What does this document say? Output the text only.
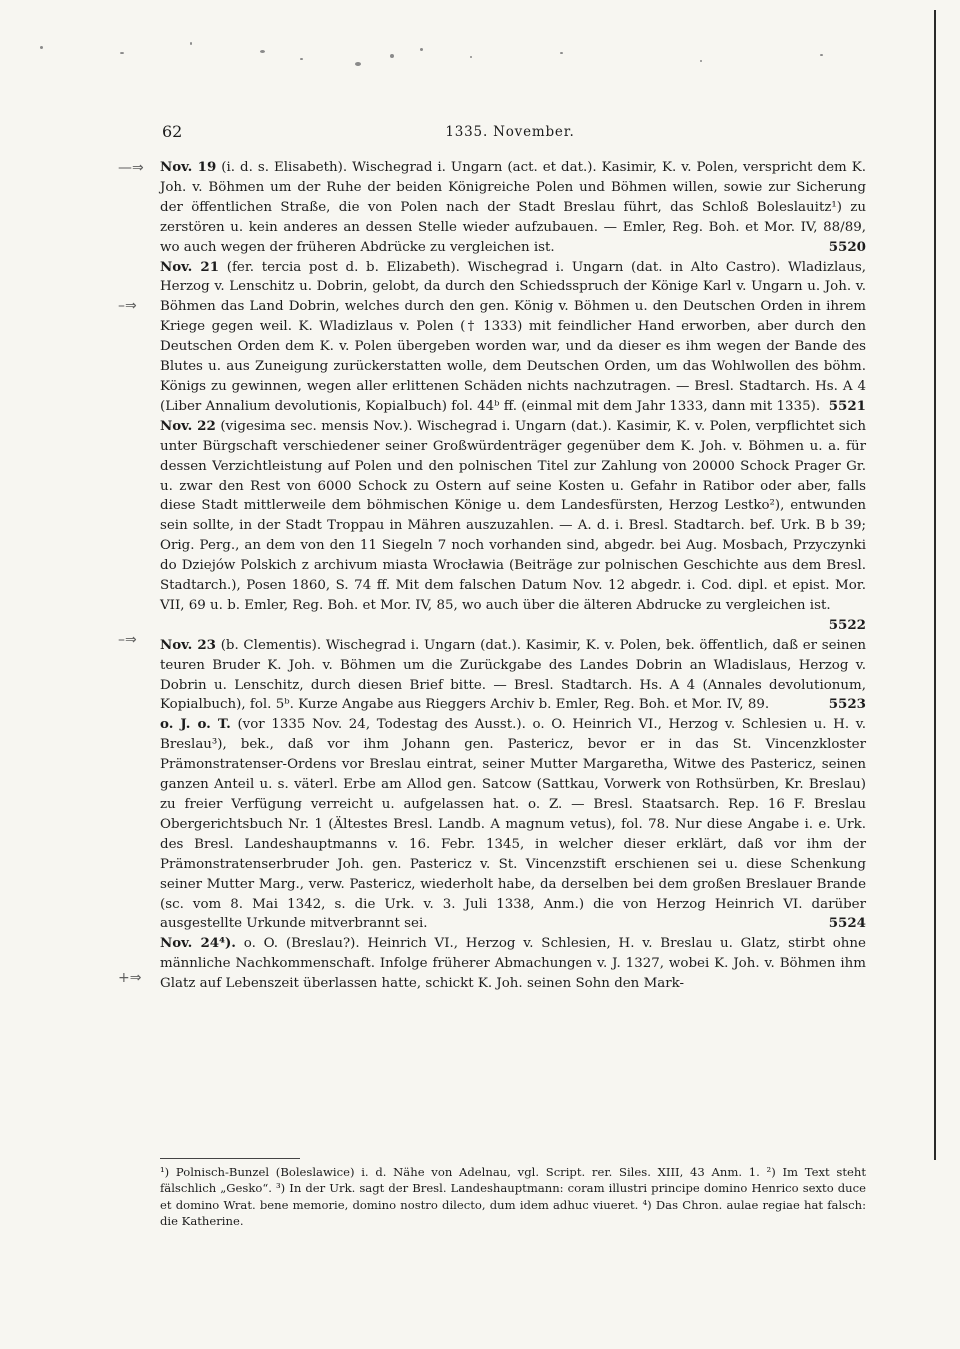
62	1335. November.
—⇒
–⇒
–⇒
+⇒

Nov. 19 (i. d. s. Elisabeth). Wischegrad i. Ungarn (act. et dat.). Kasimir, K. v. Polen, verspricht dem K. Joh. v. Böhmen um der Ruhe der beiden Königreiche Polen und Böhmen willen, sowie zur Sicherung der öffentlichen Straße, die von Polen nach der Stadt Breslau führt, das Schloß Boleslauitz¹) zu zerstören u. kein anderes an dessen Stelle wieder aufzubauen. — Emler, Reg. Boh. et Mor. IV, 88/89, wo auch wegen der früheren Abdrücke zu vergleichen ist.	5520

Nov. 21 (fer. tercia post d. b. Elizabeth). Wischegrad i. Ungarn (dat. in Alto Castro). Wladizlaus, Herzog v. Lenschitz u. Dobrin, gelobt, da durch den Schiedsspruch der Könige Karl v. Ungarn u. Joh. v. Böhmen das Land Dobrin, welches durch den gen. König v. Böhmen u. den Deutschen Orden in ihrem Kriege gegen weil. K. Wladizlaus v. Polen († 1333) mit feindlicher Hand erworben, aber durch den Deutschen Orden dem K. v. Polen übergeben worden war, und da dieser es ihm wegen der Bande des Blutes u. aus Zuneigung zurückerstatten wolle, dem Deutschen Orden, um das Wohlwollen des böhm. Königs zu gewinnen, wegen aller erlittenen Schäden nichts nachzutragen. — Bresl. Stadtarch. Hs. A 4 (Liber Annalium devolutionis, Kopialbuch) fol. 44ᵇ ff. (einmal mit dem Jahr 1333, dann mit 1335). 5521

Nov. 22 (vigesima sec. mensis Nov.). Wischegrad i. Ungarn (dat.). Kasimir, K. v. Polen, verpflichtet sich unter Bürgschaft verschiedener seiner Großwürdenträger gegenüber dem K. Joh. v. Böhmen u. a. für dessen Verzichtleistung auf Polen und den polnischen Titel zur Zahlung von 20000 Schock Prager Gr. u. zwar den Rest von 6000 Schock zu Ostern auf seine Kosten u. Gefahr in Ratibor oder aber, falls diese Stadt mittlerweile dem böhmischen Könige u. dem Landesfürsten, Herzog Lestko²), entwunden sein sollte, in der Stadt Troppau in Mähren auszuzahlen. — A. d. i. Bresl. Stadtarch. bef. Urk. B b 39; Orig. Perg., an dem von den 11 Siegeln 7 noch vorhanden sind, abgedr. bei Aug. Mosbach, Przyczynki do Dziejów Polskich z archivum miasta Wrocławia (Beiträge zur polnischen Geschichte aus dem Bresl. Stadtarch.), Posen 1860, S. 74 ff. Mit dem falschen Datum Nov. 12 abgedr. i. Cod. dipl. et epist. Mor. VII, 69 u. b. Emler, Reg. Boh. et Mor. IV, 85, wo auch über die älteren Abdrucke zu vergleichen ist.
5522

Nov. 23 (b. Clementis). Wischegrad i. Ungarn (dat.). Kasimir, K. v. Polen, bek. öffentlich, daß er seinen teuren Bruder K. Joh. v. Böhmen um die Zurückgabe des Landes Dobrin an Wladislaus, Herzog v. Dobrin u. Lenschitz, durch diesen Brief bitte. — Bresl. Stadtarch. Hs. A 4 (Annales devolutionum, Kopialbuch), fol. 5ᵇ. Kurze Angabe aus Rieggers Archiv b. Emler, Reg. Boh. et Mor. IV, 89.	5523

o. J. o. T. (vor 1335 Nov. 24, Todestag des Ausst.). o. O. Heinrich VI., Herzog v. Schlesien u. H. v. Breslau³), bek., daß vor ihm Johann gen. Pastericz, bevor er in das St. Vincenzkloster Prämonstratenser-Ordens vor Breslau eintrat, seiner Mutter Margaretha, Witwe des Pastericz, seinen ganzen Anteil u. s. väterl. Erbe am Allod gen. Satcow (Sattkau, Vorwerk von Rothsürben, Kr. Breslau) zu freier Verfügung verreicht u. aufgelassen hat. o. Z. — Bresl. Staatsarch. Rep. 16 F. Breslau Obergerichtsbuch Nr. 1 (Ältestes Bresl. Landb. A magnum vetus), fol. 78. Nur diese Angabe i. e. Urk. des Bresl. Landeshauptmanns v. 16. Febr. 1345, in welcher dieser erklärt, daß vor ihm der Prämonstratenserbruder Joh. gen. Pastericz v. St. Vincenzstift erschienen sei u. diese Schenkung seiner Mutter Marg., verw. Pastericz, wiederholt habe, da derselben bei dem großen Breslauer Brande (sc. vom 8. Mai 1342, s. die Urk. v. 3. Juli 1338, Anm.) die von Herzog Heinrich VI. darüber ausgestellte Urkunde mitverbrannt sei.	5524

Nov. 24⁴). o. O. (Breslau?). Heinrich VI., Herzog v. Schlesien, H. v. Breslau u. Glatz, stirbt ohne männliche Nachkommenschaft. Infolge früherer Abmachungen v. J. 1327, wobei K. Joh. v. Böhmen ihm Glatz auf Lebenszeit überlassen hatte, schickt K. Joh. seinen Sohn den Mark-

¹) Polnisch-Bunzel (Boleslawice) i. d. Nähe von Adelnau, vgl. Script. rer. Siles. XIII, 43 Anm. 1. ²) Im Text steht fälschlich „Gesko“. ³) In der Urk. sagt der Bresl. Landeshauptmann: coram illustri principe domino Henrico sexto duce et domino Wrat. bene memorie, domino nostro dilecto, dum idem adhuc viueret. ⁴) Das Chron. aulae regiae hat falsch: die Katherine.
